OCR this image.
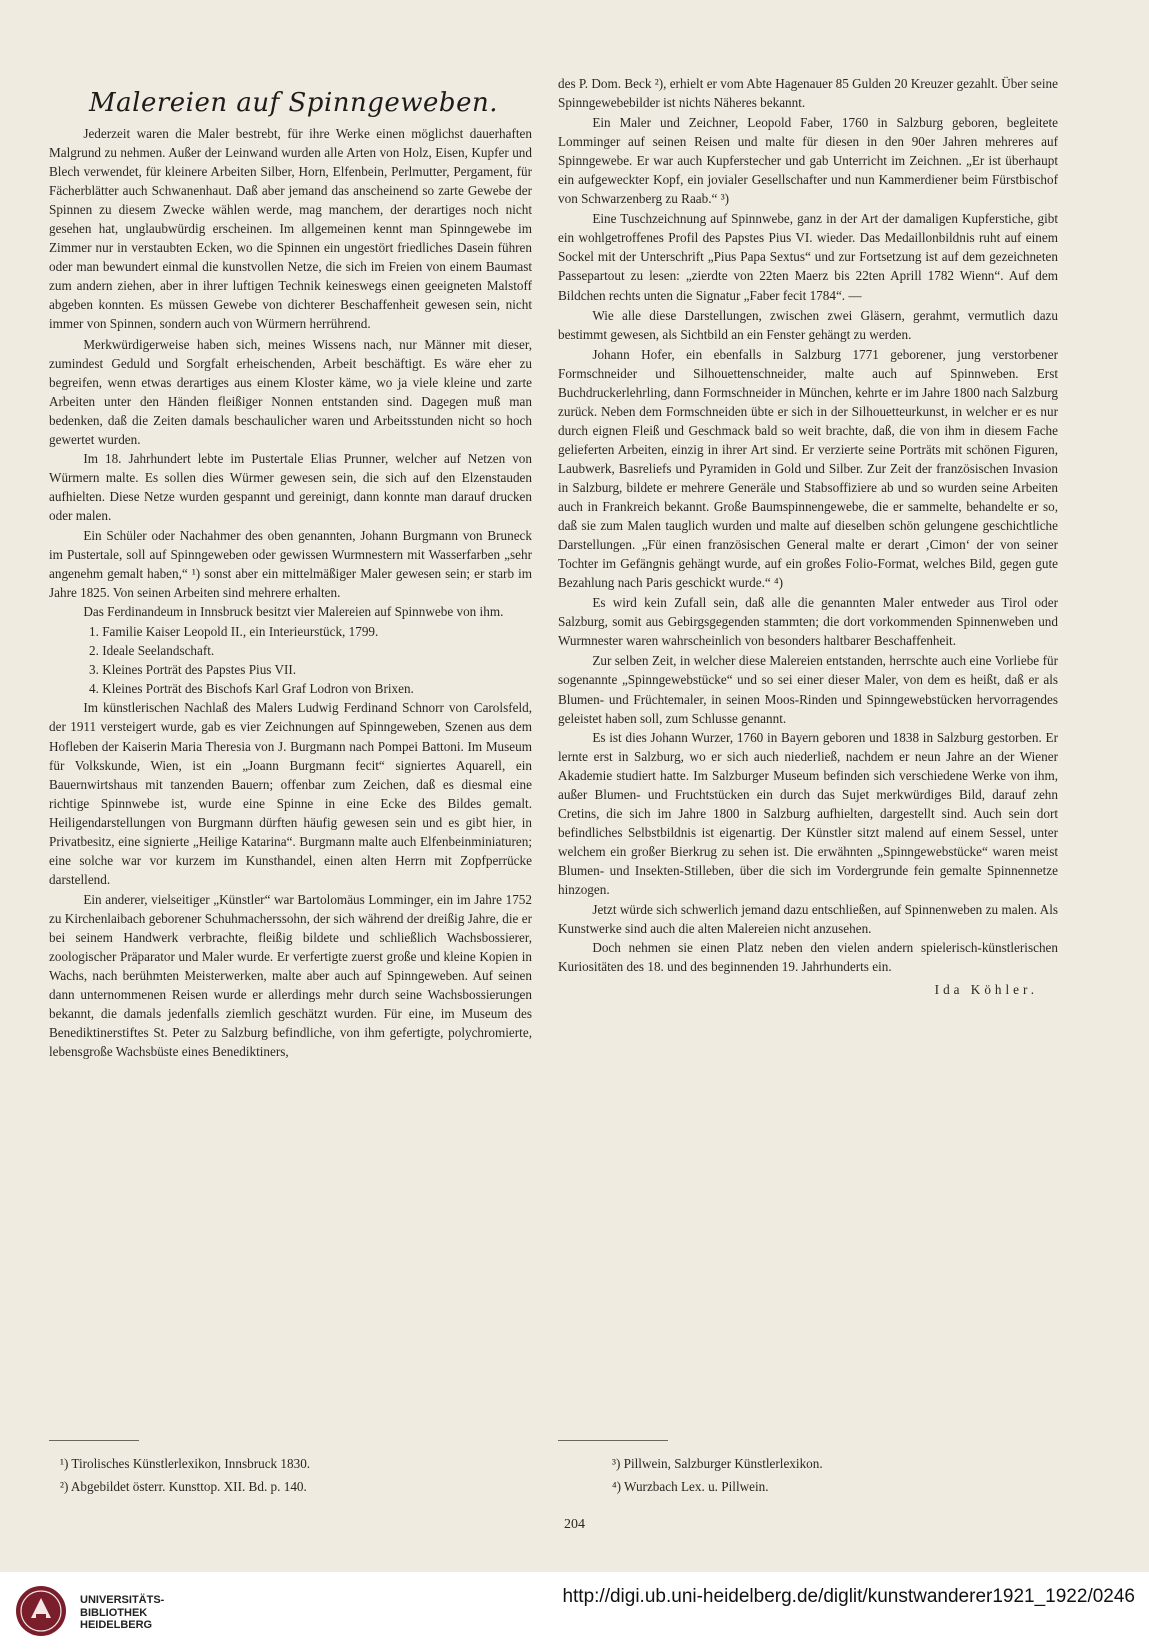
Malereien auf Spinngeweben.

Jederzeit waren die Maler bestrebt, für ihre Werke einen möglichst dauerhaften Malgrund zu nehmen. Außer der Leinwand wurden alle Arten von Holz, Eisen, Kupfer und Blech verwendet, für kleinere Arbeiten Silber, Horn, Elfenbein, Perlmutter, Pergament, für Fächerblätter auch Schwanenhaut. Daß aber jemand das anscheinend so zarte Gewebe der Spinnen zu diesem Zwecke wählen werde, mag manchem, der derartiges noch nicht gesehen hat, unglaubwürdig erscheinen. Im allgemeinen kennt man Spinngewebe im Zimmer nur in verstaubten Ecken, wo die Spinnen ein ungestört friedliches Dasein führen oder man bewundert einmal die kunstvollen Netze, die sich im Freien von einem Baumast zum andern ziehen, aber in ihrer luftigen Technik keineswegs einen geeigneten Malstoff abgeben konnten. Es müssen Gewebe von dichterer Beschaffenheit gewesen sein, nicht immer von Spinnen, sondern auch von Würmern herrührend.

Merkwürdigerweise haben sich, meines Wissens nach, nur Männer mit dieser, zumindest Geduld und Sorgfalt erheischenden, Arbeit beschäftigt. Es wäre eher zu begreifen, wenn etwas derartiges aus einem Kloster käme, wo ja viele kleine und zarte Arbeiten unter den Händen fleißiger Nonnen entstanden sind. Dagegen muß man bedenken, daß die Zeiten damals beschaulicher waren und Arbeitsstunden nicht so hoch gewertet wurden.

Im 18. Jahrhundert lebte im Pustertale Elias Prunner, welcher auf Netzen von Würmern malte. Es sollen dies Würmer gewesen sein, die sich auf den Elzenstauden aufhielten. Diese Netze wurden gespannt und gereinigt, dann konnte man darauf drucken oder malen.

Ein Schüler oder Nachahmer des oben genannten, Johann Burgmann von Bruneck im Pustertale, soll auf Spinngeweben oder gewissen Wurmnestern mit Wasserfarben „sehr angenehm gemalt haben,“ ¹) sonst aber ein mittelmäßiger Maler gewesen sein; er starb im Jahre 1825. Von seinen Arbeiten sind mehrere erhalten.

Das Ferdinandeum in Innsbruck besitzt vier Malereien auf Spinnwebe von ihm.

1. Familie Kaiser Leopold II., ein Interieurstück, 1799.
2. Ideale Seelandschaft.
3. Kleines Porträt des Papstes Pius VII.
4. Kleines Porträt des Bischofs Karl Graf Lodron von Brixen.

Im künstlerischen Nachlaß des Malers Ludwig Ferdinand Schnorr von Carolsfeld, der 1911 versteigert wurde, gab es vier Zeichnungen auf Spinngeweben, Szenen aus dem Hofleben der Kaiserin Maria Theresia von J. Burgmann nach Pompei Battoni. Im Museum für Volkskunde, Wien, ist ein „Joann Burgmann fecit“ signiertes Aquarell, ein Bauernwirtshaus mit tanzenden Bauern; offenbar zum Zeichen, daß es diesmal eine richtige Spinnwebe ist, wurde eine Spinne in eine Ecke des Bildes gemalt. Heiligendarstellungen von Burgmann dürften häufig gewesen sein und es gibt hier, in Privatbesitz, eine signierte „Heilige Katarina“. Burgmann malte auch Elfenbeinminiaturen; eine solche war vor kurzem im Kunsthandel, einen alten Herrn mit Zopfperrücke darstellend.

Ein anderer, vielseitiger „Künstler“ war Bartolomäus Lomminger, ein im Jahre 1752 zu Kirchenlaibach geborener Schuhmacherssohn, der sich während der dreißig Jahre, die er bei seinem Handwerk verbrachte, fleißig bildete und schließlich Wachsbossierer, zoologischer Präparator und Maler wurde. Er verfertigte zuerst große und kleine Kopien in Wachs, nach berühmten Meisterwerken, malte aber auch auf Spinngeweben. Auf seinen dann unternommenen Reisen wurde er allerdings mehr durch seine Wachsbossierungen bekannt, die damals jedenfalls ziemlich geschätzt wurden. Für eine, im Museum des Benediktinerstiftes St. Peter zu Salzburg befindliche, von ihm gefertigte, polychromierte, lebensgroße Wachsbüste eines Benediktiners,

des P. Dom. Beck ²), erhielt er vom Abte Hagenauer 85 Gulden 20 Kreuzer gezahlt. Über seine Spinngewebebilder ist nichts Näheres bekannt.

Ein Maler und Zeichner, Leopold Faber, 1760 in Salzburg geboren, begleitete Lomminger auf seinen Reisen und malte für diesen in den 90er Jahren mehreres auf Spinngewebe. Er war auch Kupferstecher und gab Unterricht im Zeichnen. „Er ist überhaupt ein aufgeweckter Kopf, ein jovialer Gesellschafter und nun Kammerdiener beim Fürstbischof von Schwarzenberg zu Raab.“ ³)

Eine Tuschzeichnung auf Spinnwebe, ganz in der Art der damaligen Kupferstiche, gibt ein wohlgetroffenes Profil des Papstes Pius VI. wieder. Das Medaillonbildnis ruht auf einem Sockel mit der Unterschrift „Pius Papa Sextus“ und zur Fortsetzung ist auf dem gezeichneten Passepartout zu lesen: „zierdte von 22ten Maerz bis 22ten Aprill 1782 Wienn“. Auf dem Bildchen rechts unten die Signatur „Faber fecit 1784“. —

Wie alle diese Darstellungen, zwischen zwei Gläsern, gerahmt, vermutlich dazu bestimmt gewesen, als Sichtbild an ein Fenster gehängt zu werden.

Johann Hofer, ein ebenfalls in Salzburg 1771 geborener, jung verstorbener Formschneider und Silhouettenschneider, malte auch auf Spinnweben. Erst Buchdruckerlehrling, dann Formschneider in München, kehrte er im Jahre 1800 nach Salzburg zurück. Neben dem Formschneiden übte er sich in der Silhouetteurkunst, in welcher er es nur durch eignen Fleiß und Geschmack bald so weit brachte, daß, die von ihm in diesem Fache gelieferten Arbeiten, einzig in ihrer Art sind. Er verzierte seine Porträts mit schönen Figuren, Laubwerk, Basreliefs und Pyramiden in Gold und Silber. Zur Zeit der französischen Invasion in Salzburg, bildete er mehrere Generäle und Stabsoffiziere ab und so wurden seine Arbeiten auch in Frankreich bekannt. Große Baumspinnengewebe, die er sammelte, behandelte er so, daß sie zum Malen tauglich wurden und malte auf dieselben schön gelungene geschichtliche Darstellungen. „Für einen französischen General malte er derart ‚Cimon‘ der von seiner Tochter im Gefängnis gehängt wurde, auf ein großes Folio-Format, welches Bild, gegen gute Bezahlung nach Paris geschickt wurde.“ ⁴)

Es wird kein Zufall sein, daß alle die genannten Maler entweder aus Tirol oder Salzburg, somit aus Gebirgsgegenden stammten; die dort vorkommenden Spinnenweben und Wurmnester waren wahrscheinlich von besonders haltbarer Beschaffenheit.

Zur selben Zeit, in welcher diese Malereien entstanden, herrschte auch eine Vorliebe für sogenannte „Spinngewebstücke“ und so sei einer dieser Maler, von dem es heißt, daß er als Blumen- und Früchtemaler, in seinen Moos-Rinden und Spinngewebstücken hervorragendes geleistet haben soll, zum Schlusse genannt.

Es ist dies Johann Wurzer, 1760 in Bayern geboren und 1838 in Salzburg gestorben. Er lernte erst in Salzburg, wo er sich auch niederließ, nachdem er neun Jahre an der Wiener Akademie studiert hatte. Im Salzburger Museum befinden sich verschiedene Werke von ihm, außer Blumen- und Fruchtstücken ein durch das Sujet merkwürdiges Bild, darauf zehn Cretins, die sich im Jahre 1800 in Salzburg aufhielten, dargestellt sind. Auch sein dort befindliches Selbstbildnis ist eigenartig. Der Künstler sitzt malend auf einem Sessel, unter welchem ein großer Bierkrug zu sehen ist. Die erwähnten „Spinngewebstücke“ waren meist Blumen- und Insekten-Stilleben, über die sich im Vordergrunde fein gemalte Spinnennetze hinzogen.

Jetzt würde sich schwerlich jemand dazu entschließen, auf Spinnenweben zu malen. Als Kunstwerke sind auch die alten Malereien nicht anzusehen.

Doch nehmen sie einen Platz neben den vielen andern spielerisch-künstlerischen Kuriositäten des 18. und des beginnenden 19. Jahrhunderts ein.

Ida Köhler.
¹) Tirolisches Künstlerlexikon, Innsbruck 1830.
²) Abgebildet österr. Kunsttop. XII. Bd. p. 140.
³) Pillwein, Salzburger Künstlerlexikon.
⁴) Wurzbach Lex. u. Pillwein.
204
UNIVERSITÄTS-
BIBLIOTHEK
HEIDELBERG
http://digi.ub.uni-heidelberg.de/diglit/kunstwanderer1921_1922/0246
